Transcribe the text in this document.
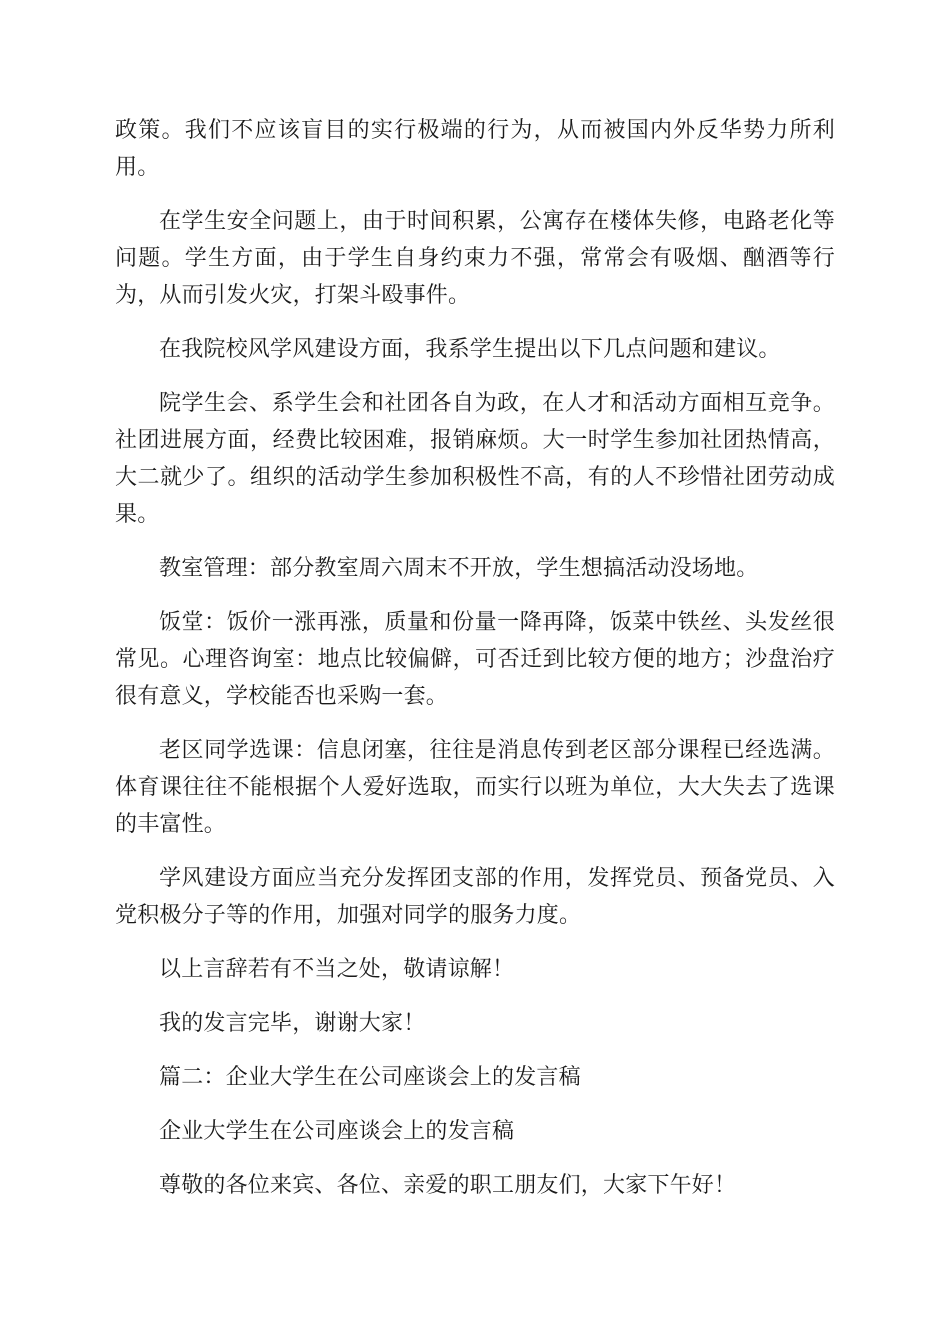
政策。我们不应该盲目的实行极端的行为，从而被国内外反华势力所利用。

在学生安全问题上，由于时间积累，公寓存在楼体失修，电路老化等问题。学生方面，由于学生自身约束力不强，常常会有吸烟、酗酒等行为，从而引发火灾，打架斗殴事件。

在我院校风学风建设方面，我系学生提出以下几点问题和建议。

院学生会、系学生会和社团各自为政，在人才和活动方面相互竞争。社团进展方面，经费比较困难，报销麻烦。大一时学生参加社团热情高，大二就少了。组织的活动学生参加积极性不高，有的人不珍惜社团劳动成果。

教室管理：部分教室周六周末不开放，学生想搞活动没场地。

饭堂：饭价一涨再涨，质量和份量一降再降，饭菜中铁丝、头发丝很常见。心理咨询室：地点比较偏僻，可否迁到比较方便的地方；沙盘治疗很有意义，学校能否也采购一套。

老区同学选课：信息闭塞，往往是消息传到老区部分课程已经选满。体育课往往不能根据个人爱好选取，而实行以班为单位，大大失去了选课的丰富性。

学风建设方面应当充分发挥团支部的作用，发挥党员、预备党员、入党积极分子等的作用，加强对同学的服务力度。

以上言辞若有不当之处，敬请谅解！

我的发言完毕，谢谢大家！

篇二：企业大学生在公司座谈会上的发言稿

企业大学生在公司座谈会上的发言稿

尊敬的各位来宾、各位、亲爱的职工朋友们，大家下午好！
